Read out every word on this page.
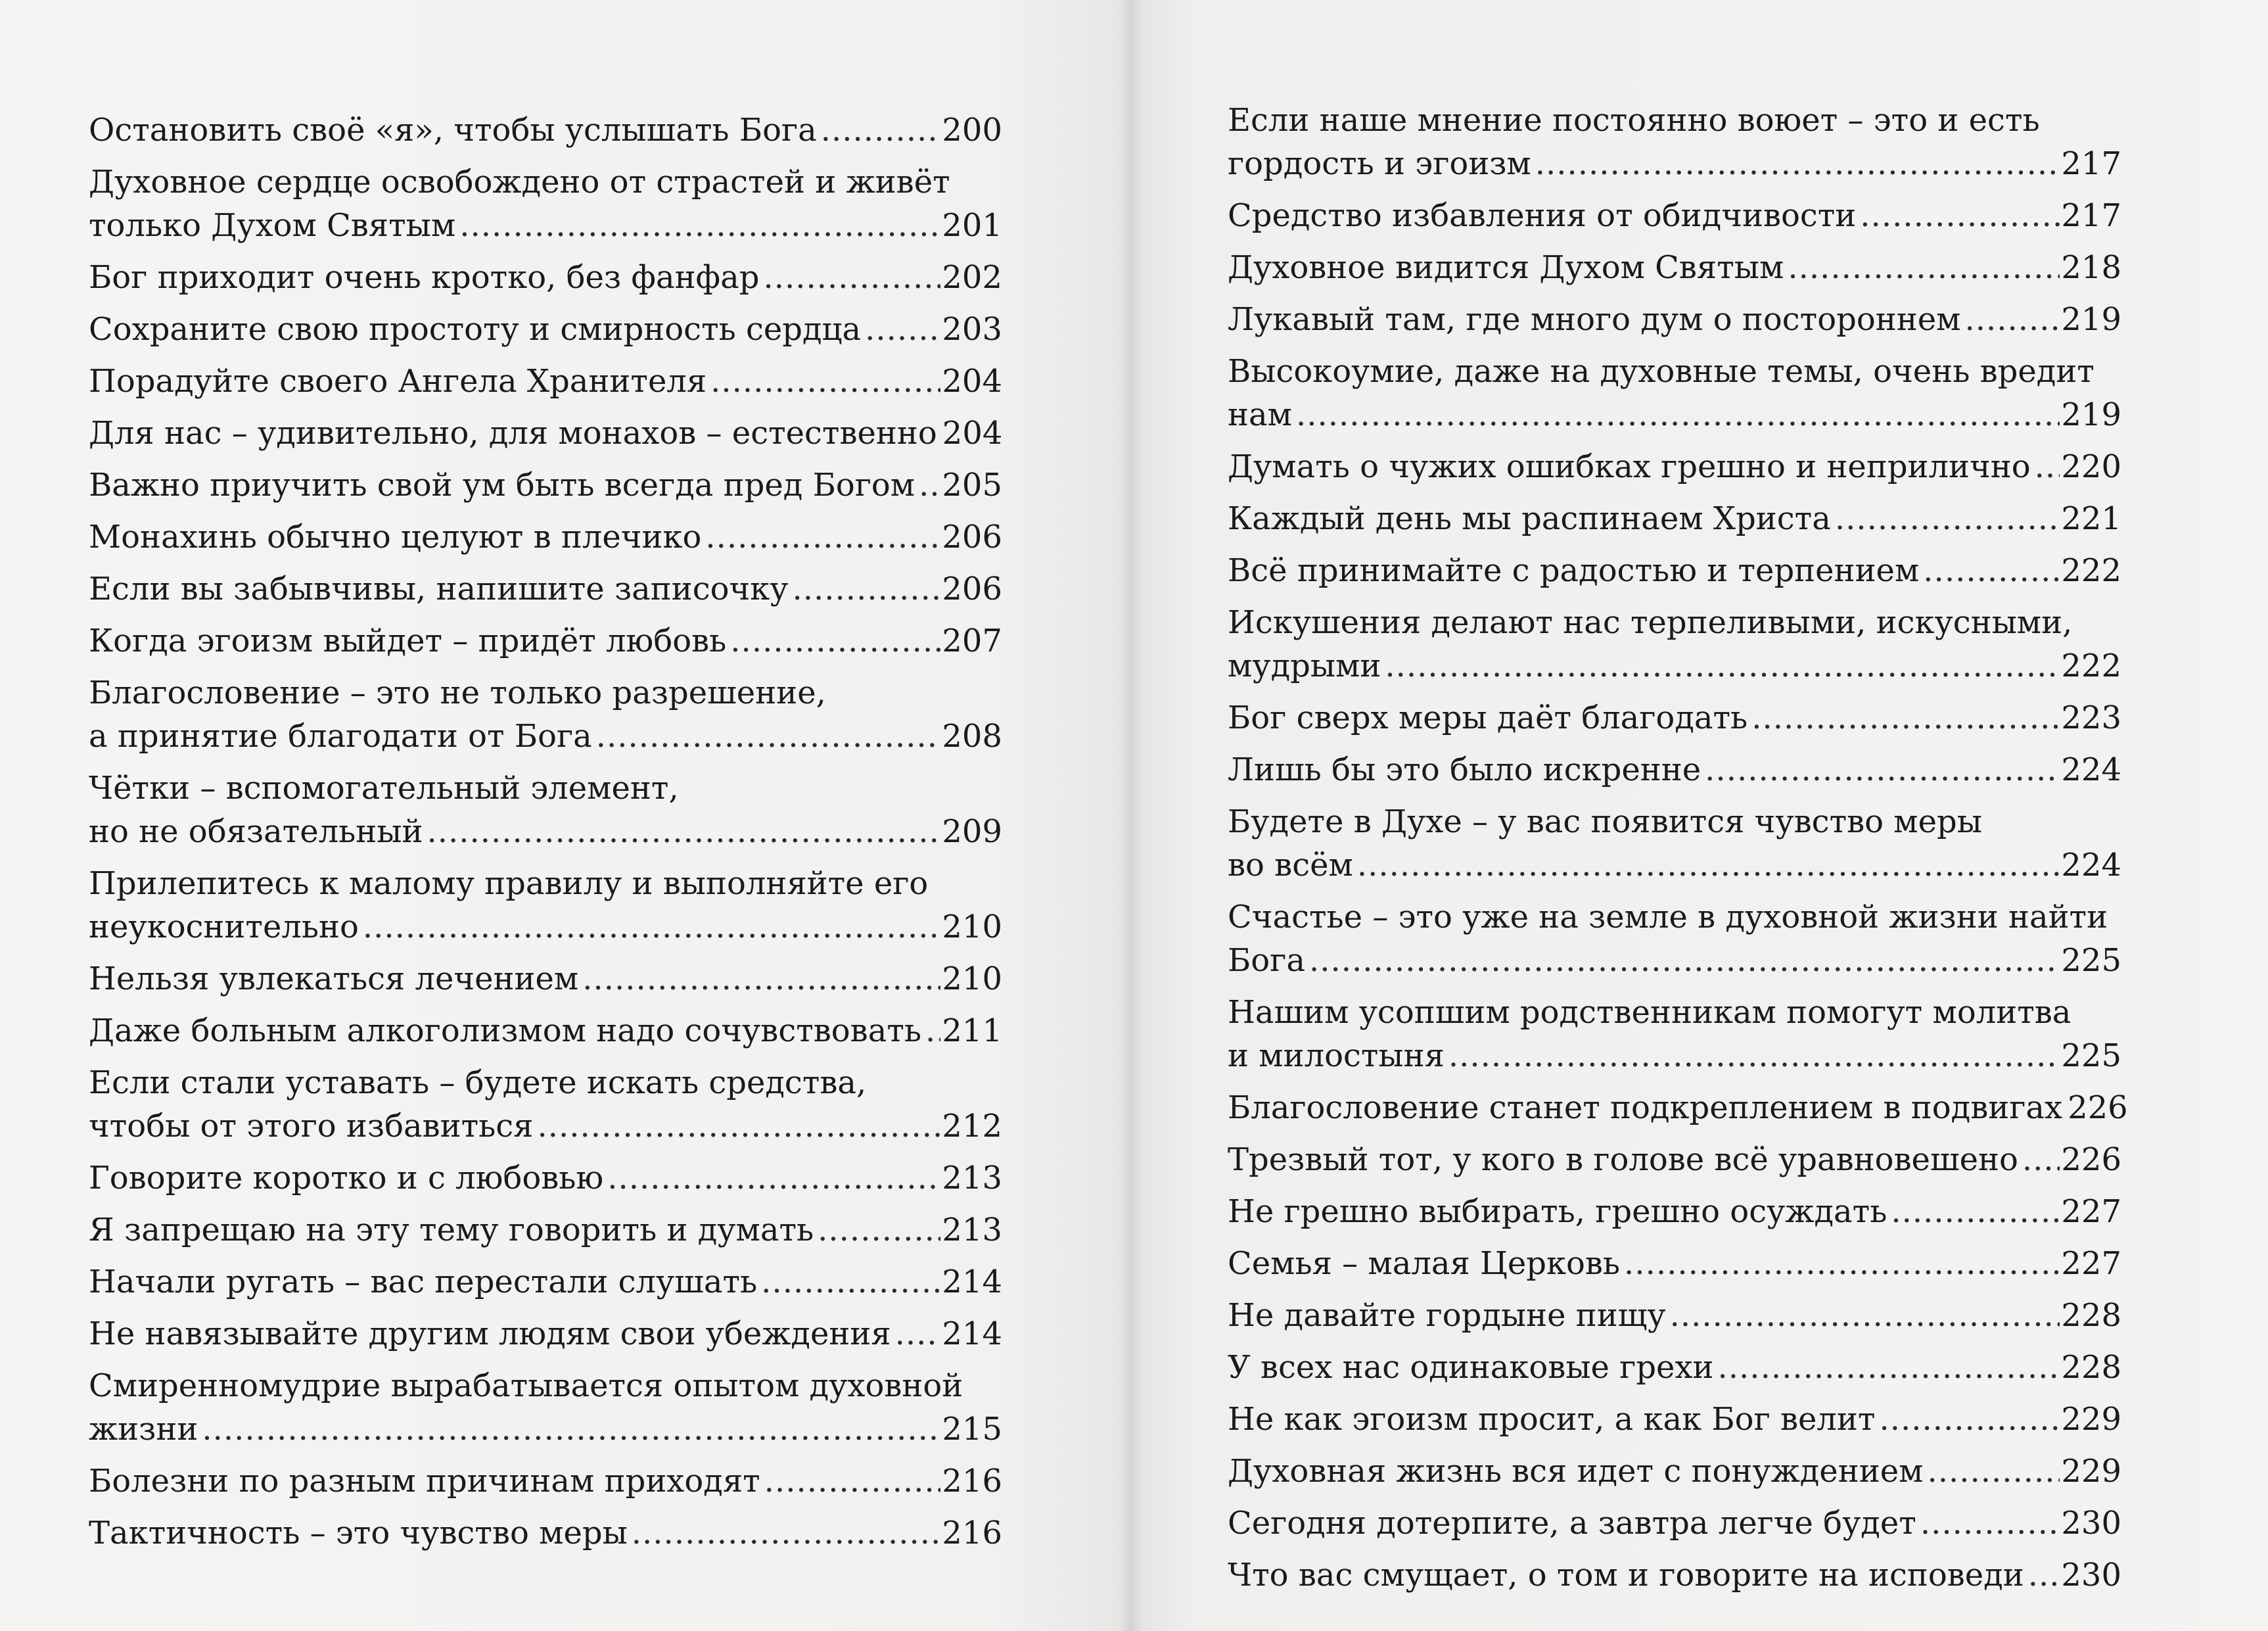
Остановить своё «я», чтобы услышать Бога .....	200
Духовное сердце освобождено от страстей и живёт
только Духом Святым .....	201
Бог приходит очень кротко, без фанфар .....	202
Сохраните свою простоту и смирность сердца .....	203
Порадуйте своего Ангела Хранителя .....	204
Для нас – удивительно, для монахов – естественно 204
Важно приучить свой ум быть всегда пред Богом ..... 205
Монахинь обычно целуют в плечико .....	206
Если вы забывчивы, напишите записочку .....	206
Когда эгоизм выйдет – придёт любовь .....	207
Благословение – это не только разрешение,
а принятие благодати от Бога .....	208
Чётки – вспомогательный элемент,
но не обязательный .....	209
Прилепитесь к малому правилу и выполняйте его
неукоснительно .....	210
Нельзя увлекаться лечением .....	210
Даже больным алкоголизмом надо сочувствовать ..... 211
Если стали уставать – будете искать средства,
чтобы от этого избавиться .....	212
Говорите коротко и с любовью .....	213
Я запрещаю на эту тему говорить и думать .....	213
Начали ругать – вас перестали слушать .....	214
Не навязывайте другим людям свои убеждения ..... 214
Смиренномудрие вырабатывается опытом духовной
жизни .....	215
Болезни по разным причинам приходят .....	216
Тактичность – это чувство меры .....	216
Если наше мнение постоянно воюет – это и есть
гордость и эгоизм .....	217
Средство избавления от обидчивости .....	217
Духовное видится Духом Святым .....	218
Лукавый там, где много дум о постороннем .....	219
Высокоумие, даже на духовные темы, очень вредит
нам .....	219
Думать о чужих ошибках грешно и неприлично ..... 220
Каждый день мы распинаем Христа .....	221
Всё принимайте с радостью и терпением .....	222
Искушения делают нас терпеливыми, искусными,
мудрыми .....	222
Бог сверх меры даёт благодать .....	223
Лишь бы это было искренне .....	224
Будете в Духе – у вас появится чувство меры
во всём .....	224
Счастье – это уже на земле в духовной жизни найти
Бога .....	225
Нашим усопшим родственникам помогут молитва
и милостыня .....	225
Благословение станет подкреплением в подвигах 226
Трезвый тот, у кого в голове всё уравновешено ..... 226
Не грешно выбирать, грешно осуждать .....	227
Семья – малая Церковь .....	227
Не давайте гордыне пищу .....	228
У всех нас одинаковые грехи .....	228
Не как эгоизм просит, а как Бог велит .....	229
Духовная жизнь вся идет с понуждением .....	229
Сегодня дотерпите, а завтра легче будет .....	230
Что вас смущает, о том и говорите на исповеди ..... 230
